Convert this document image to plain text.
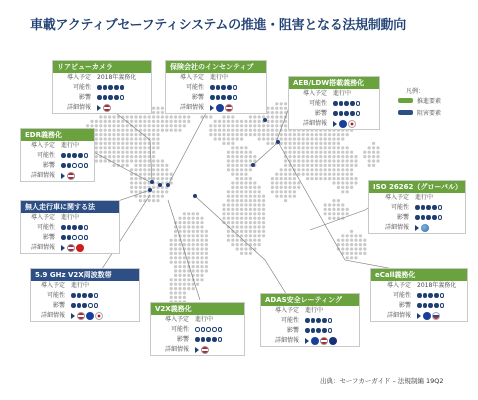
車載アクティブセーフティシステムの推進・阻害となる法規制動向
リアビューカメラ
導入予定 2018年義務化
可能性
影響
詳細情報
保険会社のインセンティブ
導入予定 進行中
可能性
影響
詳細情報
AEB/LDW搭載義務化
導入予定 進行中
可能性
影響
詳細情報
EDR義務化
導入予定 進行中
可能性
影響
詳細情報
ISO 26262（グローバル）
導入予定 進行中
可能性
影響
詳細情報
無人走行車に関する法
導入予定 進行中
可能性
影響
詳細情報
5.9 GHz V2X周波数帯
導入予定 進行中
可能性
影響
詳細情報
V2X義務化
導入予定 進行中
可能性
影響
詳細情報
ADAS安全レーティング
導入予定 進行中
可能性
影響
詳細情報
eCall義務化
導入予定 2018年義務化
可能性
影響
詳細情報
凡例：
推進要素
阻害要素
出典：セーフカーガイド – 法規制編 19Q2
